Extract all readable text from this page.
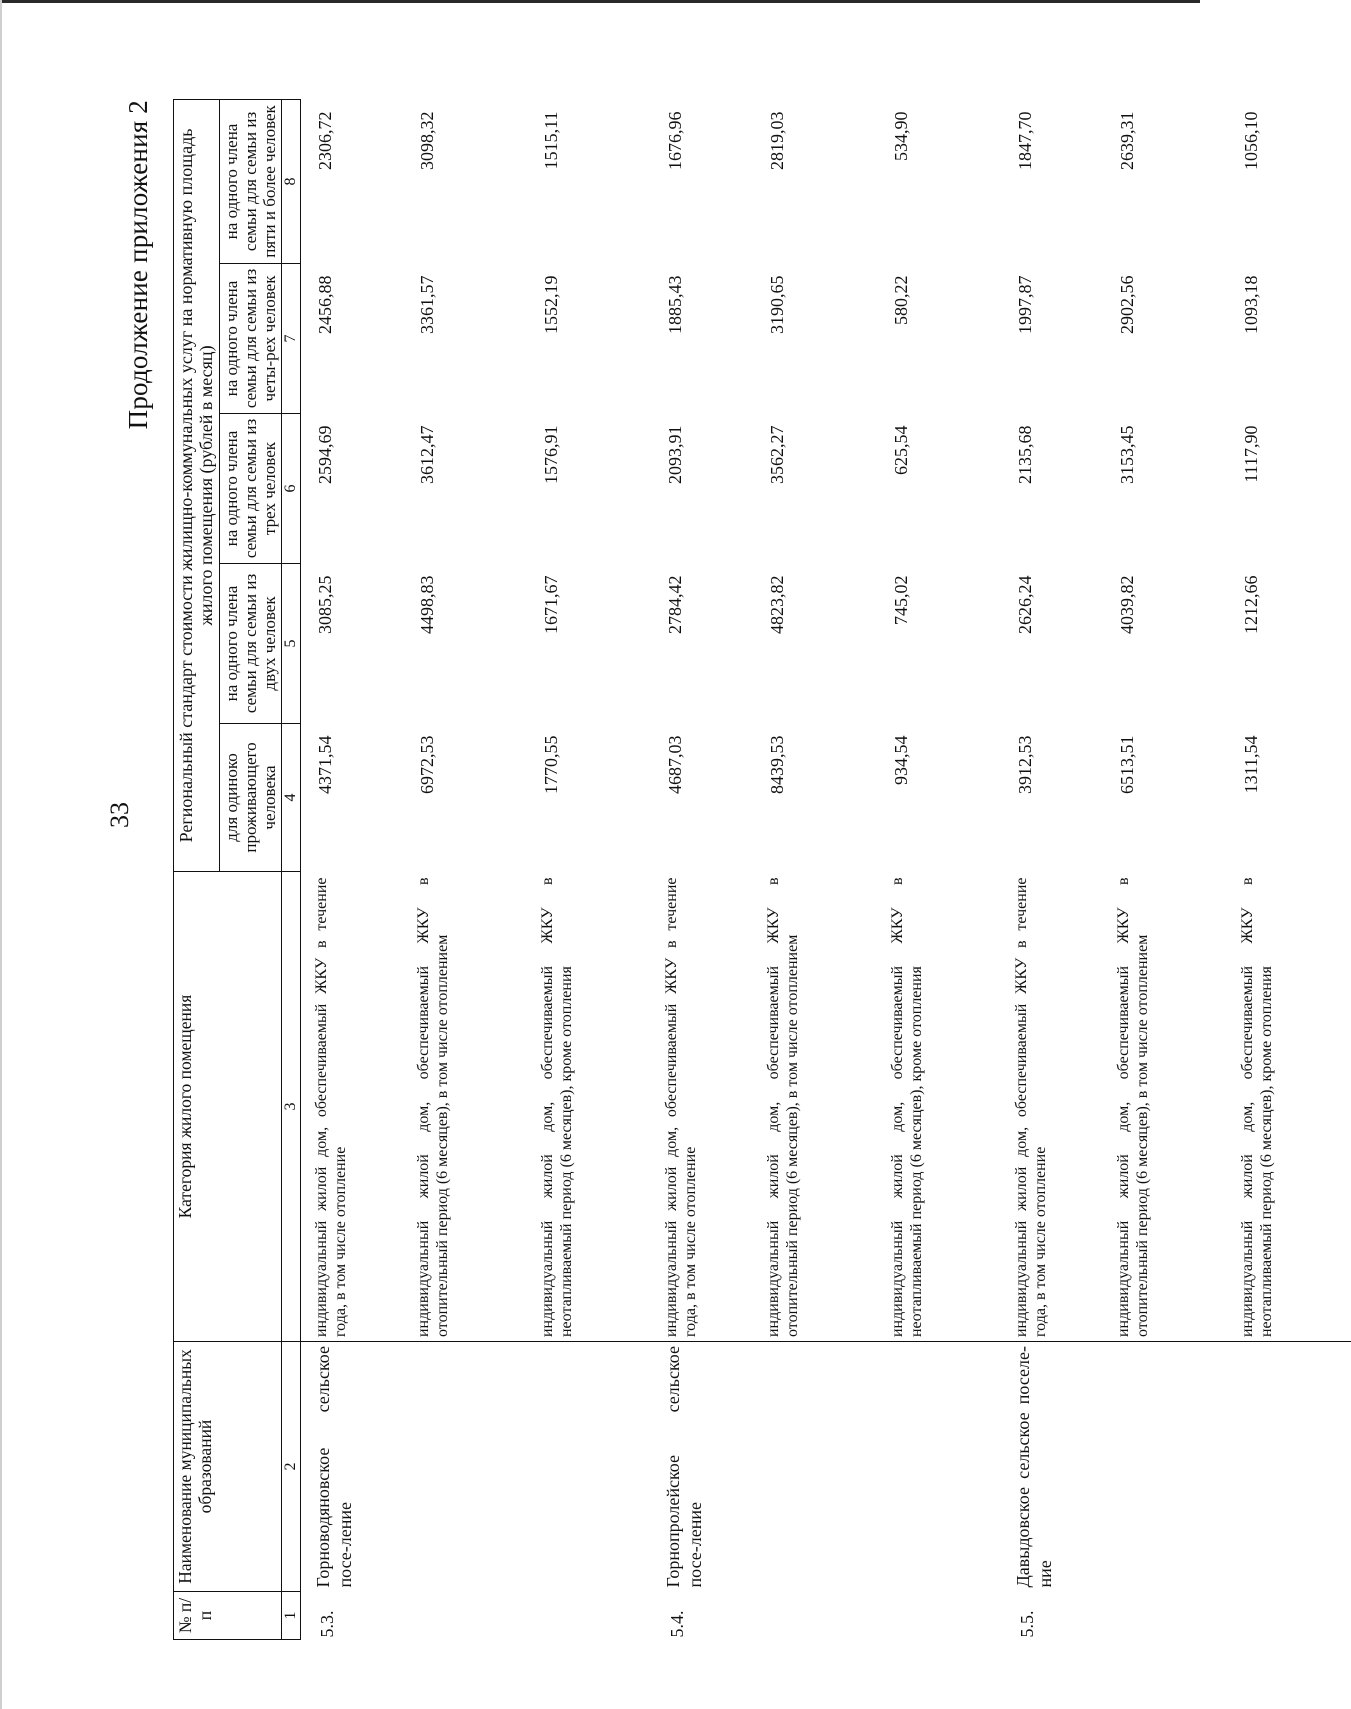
33
Продолжение приложения 2
№ п/п	Наименование муниципальных образований	Категория жилого помещения	Региональный стандарт стоимости жилищно-коммунальных услуг на нормативную площадь жилого помещения (рублей в месяц)				
			для одиноко проживающего человека	на одного члена семьи для семьи из двух человек	на одного члена семьи для семьи из трех человек	на одного члена семьи для семьи из четы-рех человек	на одного члена семьи для семьи из пяти и более человек
1	2	3	4	5	6	7	8
5.3.	Горноводяновское сельское посе-ление	индивидуальный жилой дом, обеспечиваемый ЖКУ в течение года, в том числе отопление	4371,54	3085,25	2594,69	2456,88	2306,72
		индивидуальный жилой дом, обеспечиваемый ЖКУ в отопительный период (6 месяцев), в том числе отоплением	6972,53	4498,83	3612,47	3361,57	3098,32
		индивидуальный жилой дом, обеспечиваемый ЖКУ в неотапливаемый период (6 месяцев), кроме отопления	1770,55	1671,67	1576,91	1552,19	1515,11
5.4.	Горнопролейское сельское посе-ление	индивидуальный жилой дом, обеспечиваемый ЖКУ в течение года, в том числе отопление	4687,03	2784,42	2093,91	1885,43	1676,96
		индивидуальный жилой дом, обеспечиваемый ЖКУ в отопительный период (6 месяцев), в том числе отоплением	8439,53	4823,82	3562,27	3190,65	2819,03
		индивидуальный жилой дом, обеспечиваемый ЖКУ в неотапливаемый период (6 месяцев), кроме отопления	934,54	745,02	625,54	580,22	534,90
5.5.	Давыдовское сельское поселе-ние	индивидуальный жилой дом, обеспечиваемый ЖКУ в течение года, в том числе отопление	3912,53	2626,24	2135,68	1997,87	1847,70
		индивидуальный жилой дом, обеспечиваемый ЖКУ в отопительный период (6 месяцев), в том числе отоплением	6513,51	4039,82	3153,45	2902,56	2639,31
		индивидуальный жилой дом, обеспечиваемый ЖКУ в неотапливаемый период (6 месяцев), кроме отопления	1311,54	1212,66	1117,90	1093,18	1056,10
